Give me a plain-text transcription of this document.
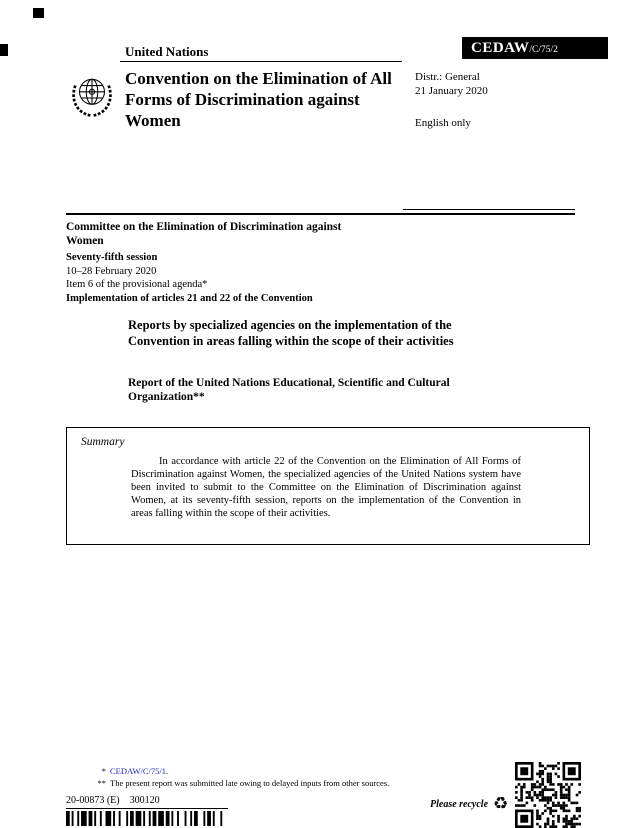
United Nations	CEDAW /C/75/2
Convention on the Elimination of All Forms of Discrimination against Women
Distr.: General
21 January 2020
English only
Committee on the Elimination of Discrimination against Women
Seventy-fifth session
10–28 February 2020
Item 6 of the provisional agenda*
Implementation of articles 21 and 22 of the Convention
Reports by specialized agencies on the implementation of the Convention in areas falling within the scope of their activities
Report of the United Nations Educational, Scientific and Cultural Organization**
Summary

In accordance with article 22 of the Convention on the Elimination of All Forms of Discrimination against Women, the specialized agencies of the United Nations system have been invited to submit to the Committee on the Elimination of Discrimination against Women, at its seventy-fifth session, reports on the implementation of the Convention in areas falling within the scope of their activities.

* CEDAW/C/75/1.
** The present report was submitted late owing to delayed inputs from other sources.
20-00873 (E)    300120	Please recycle ♻
